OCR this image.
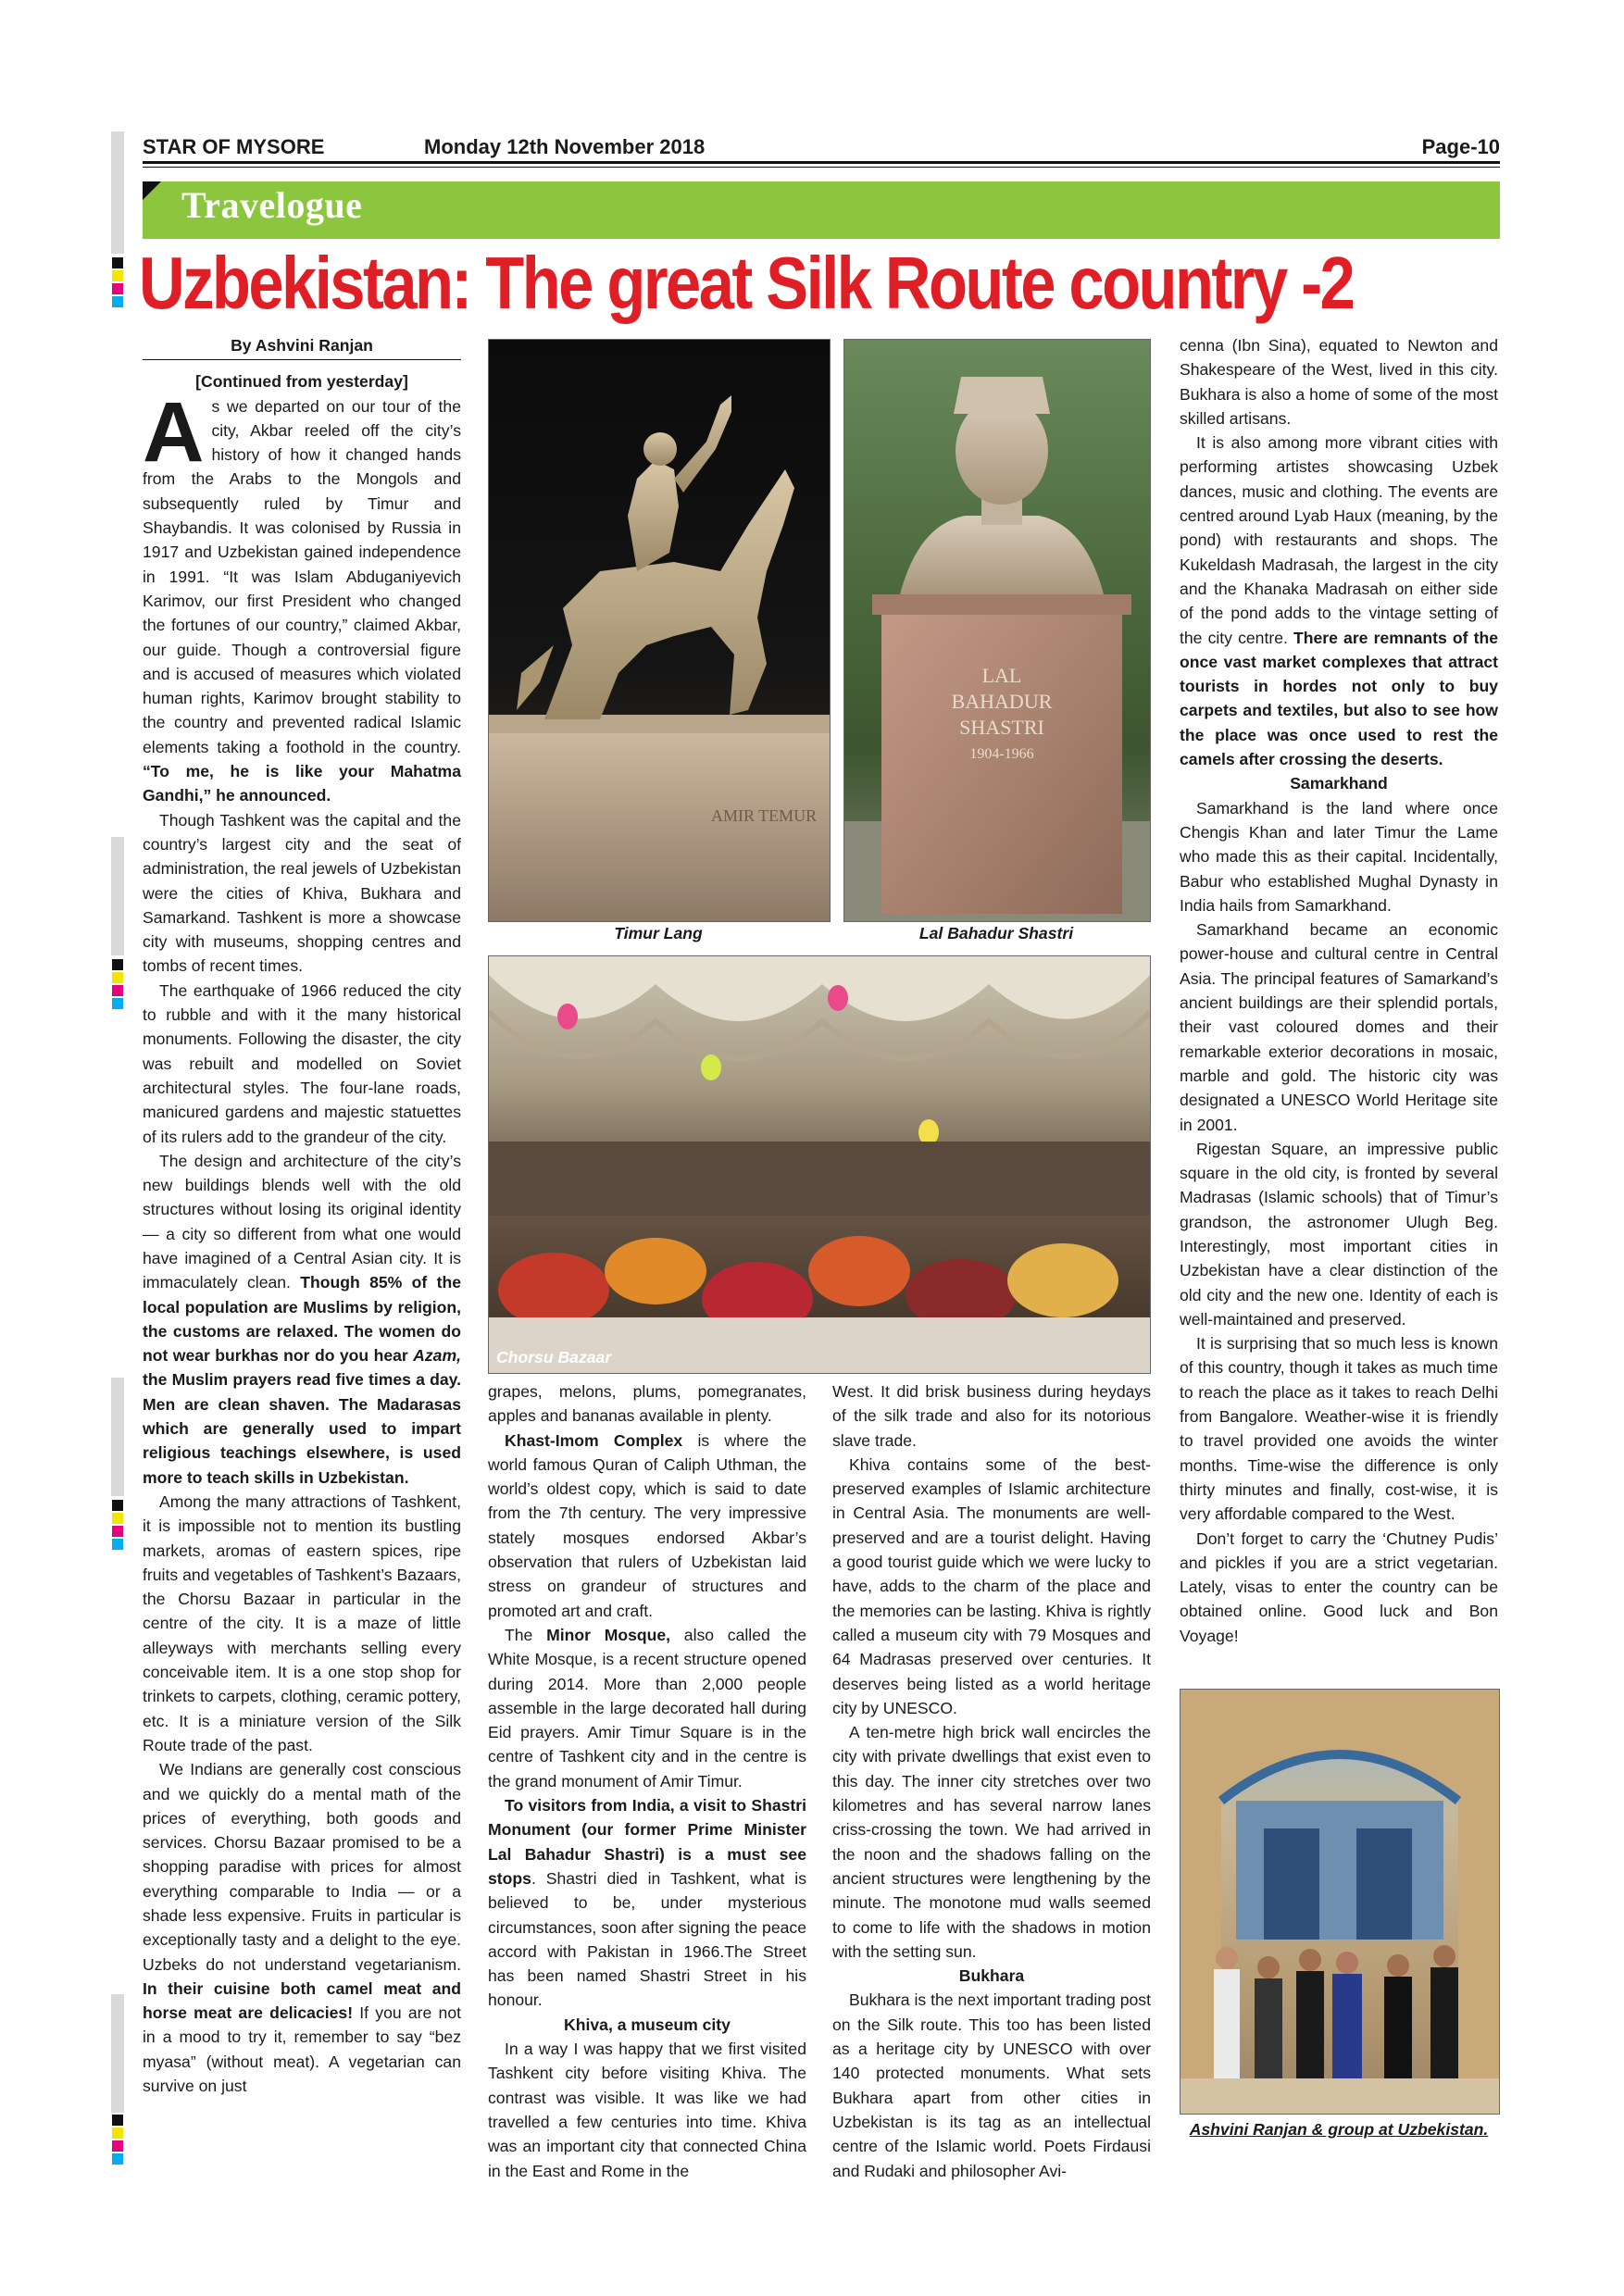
STAR OF MYSORE	Monday 12th November 2018	Page-10
Travelogue
Uzbekistan: The great Silk Route country -2
By Ashvini Ranjan

[Continued from yesterday]

As we departed on our tour of the city, Akbar reeled off the city’s history of how it changed hands from the Arabs to the Mongols and subsequently ruled by Timur and Shaybandis. It was colonised by Russia in 1917 and Uzbekistan gained independence in 1991. “It was Islam Abduganiyevich Karimov, our first President who changed the fortunes of our country,” claimed Akbar, our guide. Though a controversial figure and is accused of measures which violated human rights, Karimov brought stability to the country and prevented radical Islamic elements taking a foothold in the country. “To me, he is like your Mahatma Gandhi,” he announced.

Though Tashkent was the capital and the country’s largest city and the seat of administration, the real jewels of Uzbekistan were the cities of Khiva, Bukhara and Samarkand. Tashkent is more a showcase city with museums, shopping centres and tombs of recent times.

The earthquake of 1966 reduced the city to rubble and with it the many historical monuments. Following the disaster, the city was rebuilt and modelled on Soviet architectural styles. The four-lane roads, manicured gardens and majestic statuettes of its rulers add to the grandeur of the city.

The design and architecture of the city’s new buildings blends well with the old structures without losing its original identity — a city so different from what one would have imagined of a Central Asian city. It is immaculately clean. Though 85% of the local population are Muslims by religion, the customs are relaxed. The women do not wear burkhas nor do you hear Azam, the Muslim prayers read five times a day. Men are clean shaven. The Madarasas which are generally used to impart religious teachings elsewhere, is used more to teach skills in Uzbekistan.

Among the many attractions of Tashkent, it is impossible not to mention its bustling markets, aromas of eastern spices, ripe fruits and vegetables of Tashkent’s Bazaars, the Chorsu Bazaar in particular in the centre of the city. It is a maze of little alleyways with merchants selling every conceivable item. It is a one stop shop for trinkets to carpets, clothing, ceramic pottery, etc. It is a miniature version of the Silk Route trade of the past.

We Indians are generally cost conscious and we quickly do a mental math of the prices of everything, both goods and services. Chorsu Bazaar promised to be a shopping paradise with prices for almost everything comparable to India — or a shade less expensive. Fruits in particular is exceptionally tasty and a delight to the eye. Uzbeks do not understand vegetarianism. In their cuisine both camel meat and horse meat are delicacies! If you are not in a mood to try it, remember to say “bez myasa” (without meat). A vegetarian can survive on just

AMIR TEMUR
LAL
BAHADUR
SHASTRI
1904-1966
Timur Lang	Lal Bahadur Shastri
Chorsu Bazaar

grapes, melons, plums, pomegranates, apples and bananas available in plenty.

Khast-Imom Complex is where the world famous Quran of Caliph Uthman, the world’s oldest copy, which is said to date from the 7th century. The very impressive stately mosques endorsed Akbar’s observation that rulers of Uzbekistan laid stress on grandeur of structures and promoted art and craft.

The Minor Mosque, also called the White Mosque, is a recent structure opened during 2014. More than 2,000 people assemble in the large decorated hall during Eid prayers. Amir Timur Square is in the centre of Tashkent city and in the centre is the grand monument of Amir Timur.

To visitors from India, a visit to Shastri Monument (our former Prime Minister Lal Bahadur Shastri) is a must see stops. Shastri died in Tashkent, what is believed to be, under mysterious circumstances, soon after signing the peace accord with Pakistan in 1966.The Street has been named Shastri Street in his honour.

Khiva, a museum city

In a way I was happy that we first visited Tashkent city before visiting Khiva. The contrast was visible. It was like we had travelled a few centuries into time. Khiva was an important city that connected China in the East and Rome in the

West. It did brisk business during heydays of the silk trade and also for its notorious slave trade.

Khiva contains some of the best-preserved examples of Islamic architecture in Central Asia. The monuments are well-preserved and are a tourist delight. Having a good tourist guide which we were lucky to have, adds to the charm of the place and the memories can be lasting. Khiva is rightly called a museum city with 79 Mosques and 64 Madrasas preserved over centuries. It deserves being listed as a world heritage city by UNESCO.

A ten-metre high brick wall encircles the city with private dwellings that exist even to this day. The inner city stretches over two kilometres and has several narrow lanes criss-crossing the town. We had arrived in the noon and the shadows falling on the ancient structures were lengthening by the minute. The monotone mud walls seemed to come to life with the shadows in motion with the setting sun.

Bukhara

Bukhara is the next important trading post on the Silk route. This too has been listed as a heritage city by UNESCO with over 140 protected monuments. What sets Bukhara apart from other cities in Uzbekistan is its tag as an intellectual centre of the Islamic world. Poets Firdausi and Rudaki and philosopher Avi-

cenna (Ibn Sina), equated to Newton and Shakespeare of the West, lived in this city. Bukhara is also a home of some of the most skilled artisans.

It is also among more vibrant cities with performing artistes showcasing Uzbek dances, music and clothing. The events are centred around Lyab Haux (meaning, by the pond) with restaurants and shops. The Kukeldash Madrasah, the largest in the city and the Khanaka Madrasah on either side of the pond adds to the vintage setting of the city centre. There are remnants of the once vast market complexes that attract tourists in hordes not only to buy carpets and textiles, but also to see how the place was once used to rest the camels after crossing the deserts.

Samarkhand

Samarkhand is the land where once Chengis Khan and later Timur the Lame who made this as their capital. Incidentally, Babur who established Mughal Dynasty in India hails from Samarkhand.

Samarkhand became an economic power-house and cultural centre in Central Asia. The principal features of Samarkand’s ancient buildings are their splendid portals, their vast coloured domes and their remarkable exterior decorations in mosaic, marble and gold. The historic city was designated a UNESCO World Heritage site in 2001.

Rigestan Square, an impressive public square in the old city, is fronted by several Madrasas (Islamic schools) that of Timur’s grandson, the astronomer Ulugh Beg. Interestingly, most important cities in Uzbekistan have a clear distinction of the old city and the new one. Identity of each is well-maintained and preserved.

It is surprising that so much less is known of this country, though it takes as much time to reach the place as it takes to reach Delhi from Bangalore. Weather-wise it is friendly to travel provided one avoids the winter months. Time-wise the difference is only thirty minutes and finally, cost-wise, it is very affordable compared to the West.

Don’t forget to carry the ‘Chutney Pudis’ and pickles if you are a strict vegetarian. Lately, visas to enter the country can be obtained online. Good luck and Bon Voyage!

Ashvini Ranjan & group at Uzbekistan.
